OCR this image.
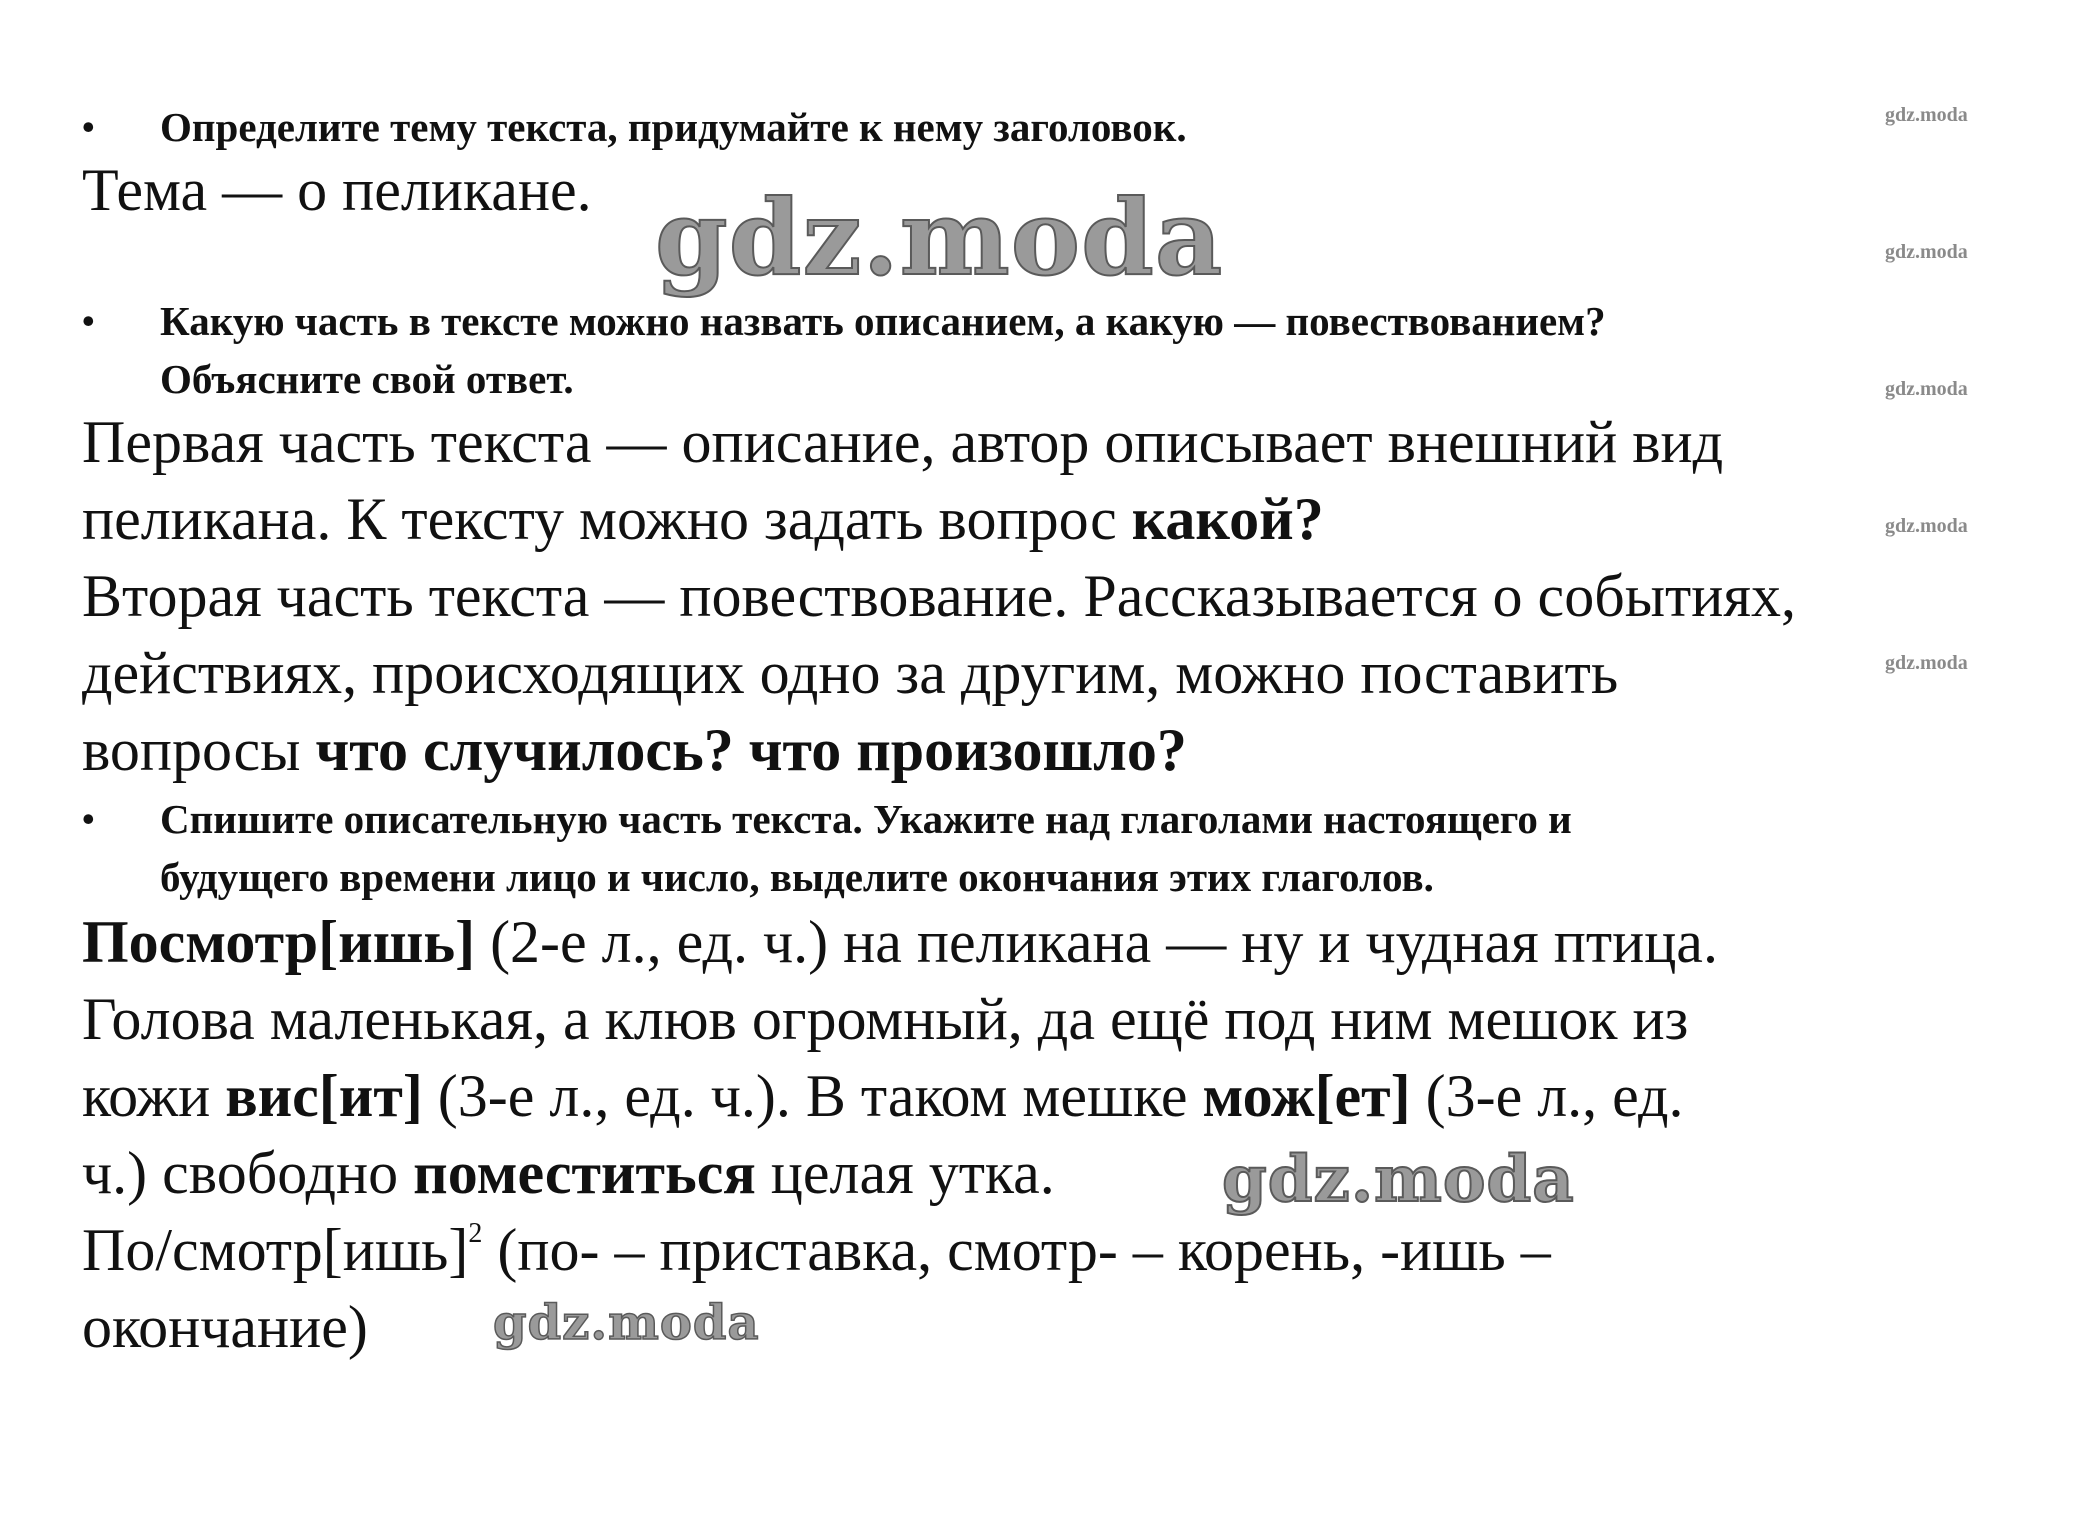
• Определите тему текста, придумайте к нему заголовок.
Тема — о пеликане.
• Какую часть в тексте можно назвать описанием, а какую — повествованием?
Объясните свой ответ.
Первая часть текста — описание, автор описывает внешний вид
пеликана. К тексту можно задать вопрос какой?
Вторая часть текста — повествование. Рассказывается о событиях,
действиях, происходящих одно за другим, можно поставить
вопросы что случилось? что произошло?
• Спишите описательную часть текста. Укажите над глаголами настоящего и
будущего времени лицо и число, выделите окончания этих глаголов.
Посмотр[ишь] (2-е л., ед. ч.) на пеликана — ну и чудная птица.
Голова маленькая, а клюв огромный, да ещё под ним мешок из
кожи вис[ит] (3-е л., ед. ч.). В таком мешке мож[ет] (3-е л., ед.
ч.) свободно поместиться целая утка.
По/смотр[ишь]$^2$ (по- – приставка, смотр- – корень, -ишь –
окончание)
gdz.moda
gdz.moda
gdz.moda
gdz.moda
gdz.moda
gdz.moda
gdz.moda
gdz.moda
